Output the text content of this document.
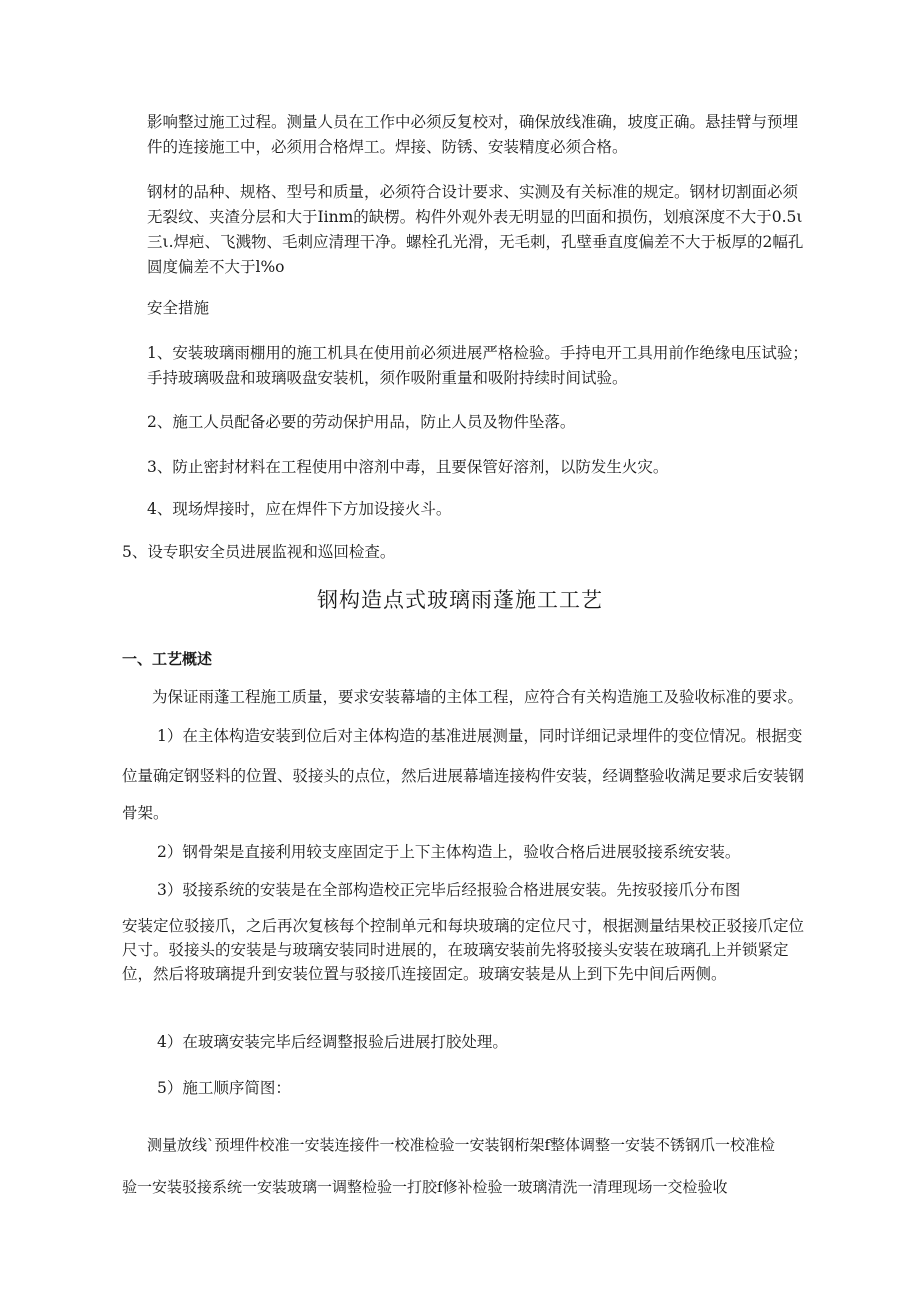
影响整过施工过程。测量人员在工作中必须反复校对，确保放线准确，坡度正确。悬挂臂与预埋件的连接施工中，必须用合格焊工。焊接、防锈、安装精度必须合格。

钢材的品种、规格、型号和质量，必须符合设计要求、实测及有关标准的规定。钢材切割面必须无裂纹、夹渣分层和大于Iinm的缺楞。构件外观外表无明显的凹面和损伤，划痕深度不大于0.5ι三ι.焊疤、飞溅物、毛刺应清理干净。螺栓孔光滑，无毛刺，孔壁垂直度偏差不大于板厚的2幅孔圆度偏差不大于l%o

安全措施

1、安装玻璃雨棚用的施工机具在使用前必须进展严格检验。手持电开工具用前作绝缘电压试验；手持玻璃吸盘和玻璃吸盘安装机，须作吸附重量和吸附持续时间试验。

2、施工人员配备必要的劳动保护用品，防止人员及物件坠落。

3、防止密封材料在工程使用中溶剂中毒，且要保管好溶剂，以防发生火灾。

4、现场焊接时，应在焊件下方加设接火斗。

5、设专职安全员进展监视和巡回检查。

钢构造点式玻璃雨蓬施工工艺
一、工艺概述

为保证雨蓬工程施工质量，要求安装幕墙的主体工程，应符合有关构造施工及验收标准的要求。

1）在主体构造安装到位后对主体构造的基准进展测量，同时详细记录埋件的变位情况。根据变

位量确定钢竖料的位置、驳接头的点位，然后进展幕墙连接构件安装，经调整验收满足要求后安装钢

骨架。

2）钢骨架是直接利用较支座固定于上下主体构造上，验收合格后进展驳接系统安装。

3）驳接系统的安装是在全部构造校正完毕后经报验合格进展安装。先按驳接爪分布图

安装定位驳接爪，之后再次复核每个控制单元和每块玻璃的定位尺寸，根据测量结果校正驳接爪定位尺寸。驳接头的安装是与玻璃安装同时进展的，在玻璃安装前先将驳接头安装在玻璃孔上并锁紧定位，然后将玻璃提升到安装位置与驳接爪连接固定。玻璃安装是从上到下先中间后两侧。

4）在玻璃安装完毕后经调整报验后进展打胶处理。

5）施工顺序简图：

测量放线`预埋件校准一安装连接件一校准检验一安装钢桁架f整体调整一安装不锈钢爪一校准检

验一安装驳接系统一安装玻璃一调整检验一打胶f修补检验一玻璃清洗一清理现场一交检验收
